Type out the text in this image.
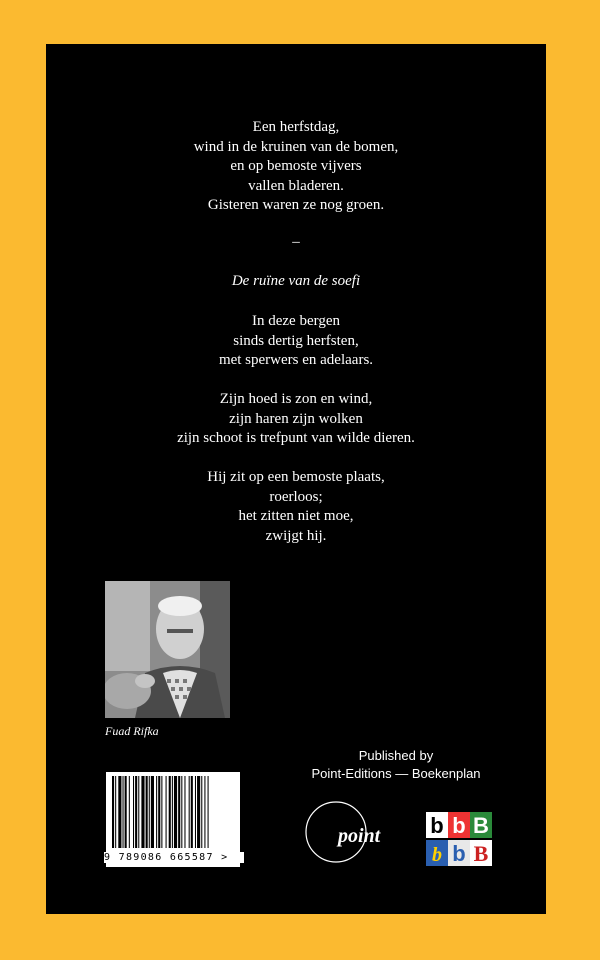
Een herfstdag,
wind in de kruinen van de bomen,
en op bemoste vijvers
vallen bladeren.
Gisteren waren ze nog groen.
–
De ruïne van de soefi
In deze bergen
sinds dertig herfsten,
met sperwers en adelaars.
Zijn hoed is zon en wind,
zijn haren zijn wolken
zijn schoot is trefpunt van wilde dieren.
Hij zit op een bemoste plaats,
roerloos;
het zitten niet moe,
zwijgt hij.
Fuad Rifka
9 789086 665587 >
Published by
Point-Editions — Boekenplan
point b b B
b b B
